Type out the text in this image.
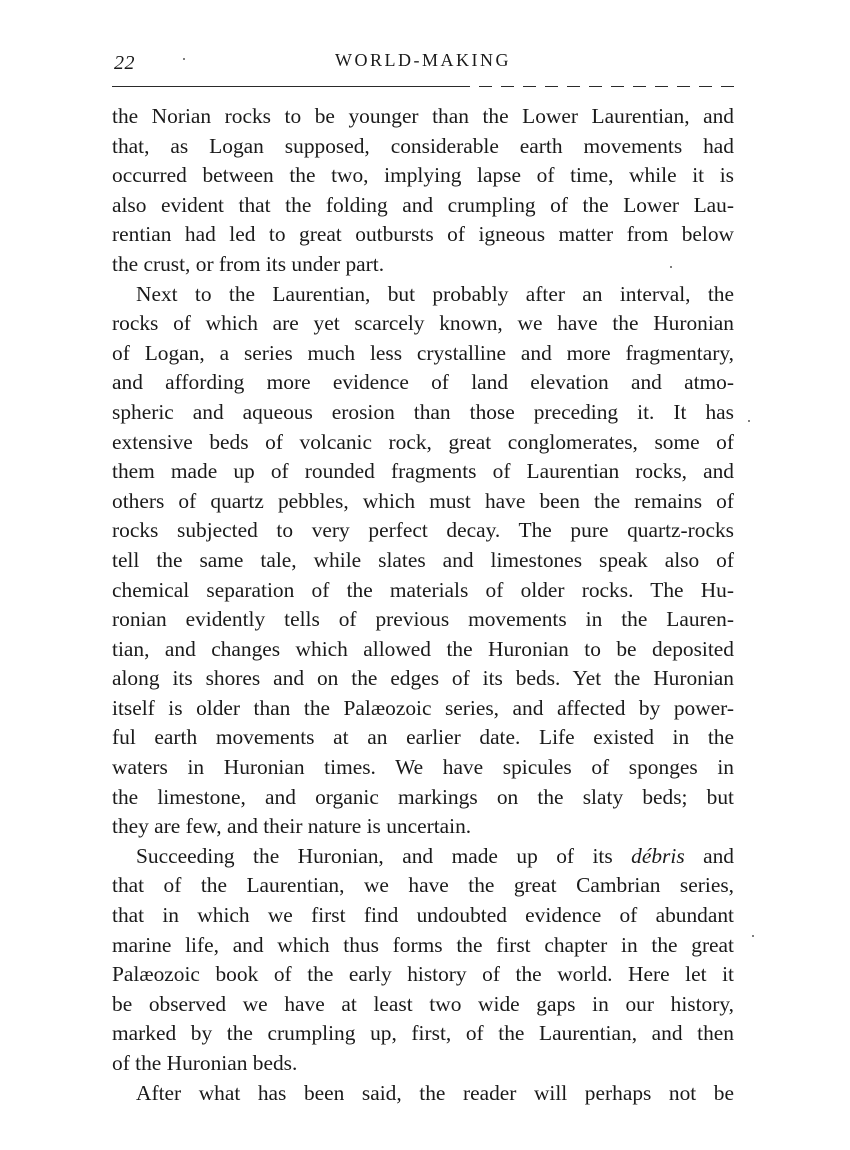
22	WORLD-MAKING
the Norian rocks to be younger than the Lower Laurentian, and
that, as Logan supposed, considerable earth movements had
occurred between the two, implying lapse of time, while it is
also evident that the folding and crumpling of the Lower Lau-
rentian had led to great outbursts of igneous matter from below
the crust, or from its under part.
Next to the Laurentian, but probably after an interval, the
rocks of which are yet scarcely known, we have the Huronian
of Logan, a series much less crystalline and more fragmentary,
and affording more evidence of land elevation and atmo-
spheric and aqueous erosion than those preceding it. It has
extensive beds of volcanic rock, great conglomerates, some of
them made up of rounded fragments of Laurentian rocks, and
others of quartz pebbles, which must have been the remains of
rocks subjected to very perfect decay. The pure quartz-rocks
tell the same tale, while slates and limestones speak also of
chemical separation of the materials of older rocks. The Hu-
ronian evidently tells of previous movements in the Lauren-
tian, and changes which allowed the Huronian to be deposited
along its shores and on the edges of its beds. Yet the Huronian
itself is older than the Palæozoic series, and affected by power-
ful earth movements at an earlier date. Life existed in the
waters in Huronian times. We have spicules of sponges in
the limestone, and organic markings on the slaty beds; but
they are few, and their nature is uncertain.
Succeeding the Huronian, and made up of its débris and
that of the Laurentian, we have the great Cambrian series,
that in which we first find undoubted evidence of abundant
marine life, and which thus forms the first chapter in the great
Palæozoic book of the early history of the world. Here let it
be observed we have at least two wide gaps in our history,
marked by the crumpling up, first, of the Laurentian, and then
of the Huronian beds.
After what has been said, the reader will perhaps not be
